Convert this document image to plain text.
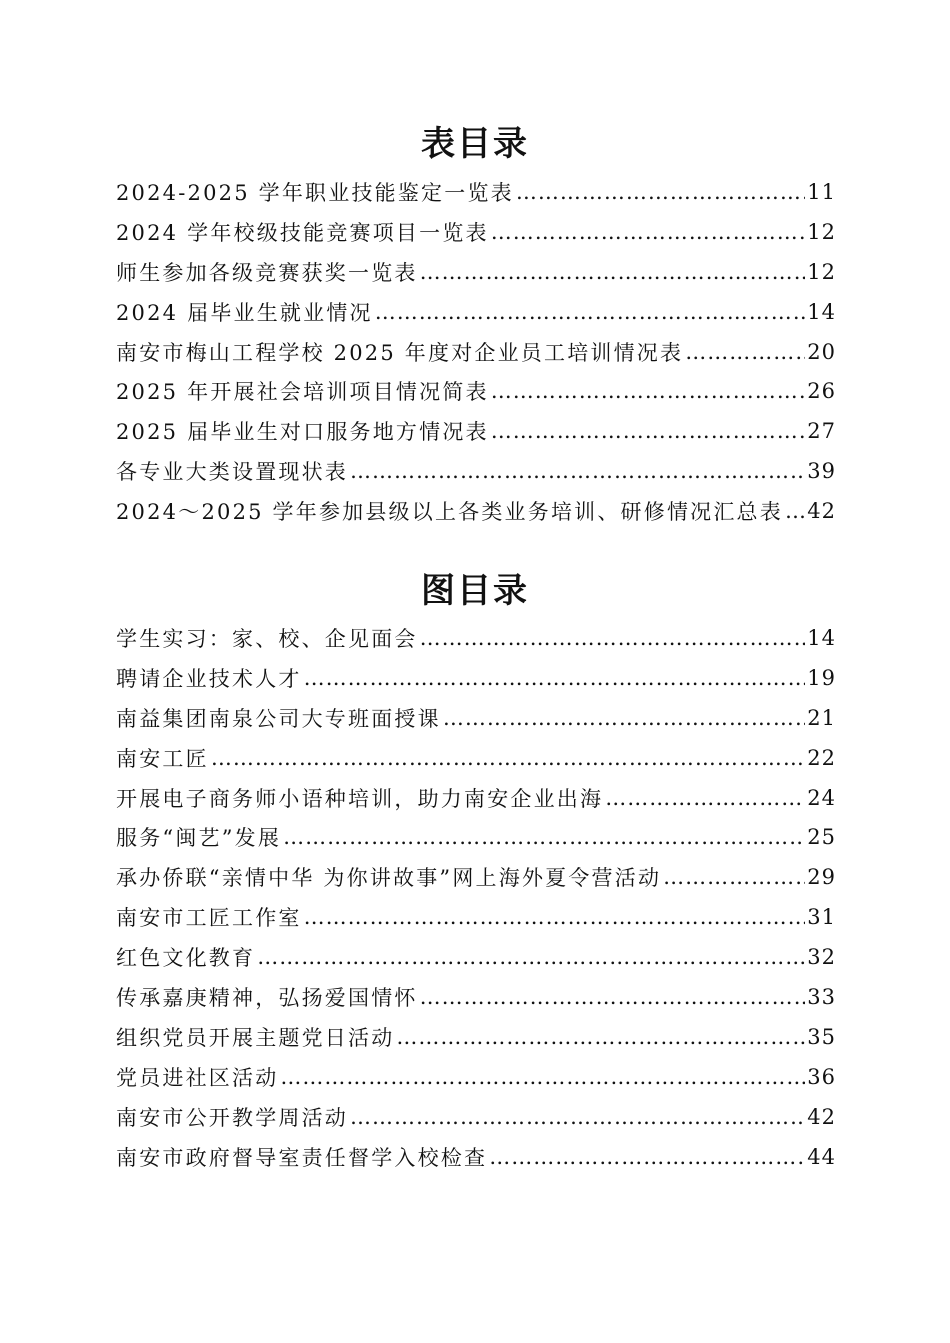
表目录
2024-2025 学年职业技能鉴定一览表 …………………………………………………………………………………………………………………………………………………………………………………………	11
2024 学年校级技能竞赛项目一览表 …………………………………………………………………………………………………………………………………………………………………………………………	12
师生参加各级竞赛获奖一览表 …………………………………………………………………………………………………………………………………………………………………………………………	12
2024 届毕业生就业情况 …………………………………………………………………………………………………………………………………………………………………………………………	14
南安市梅山工程学校 2025 年度对企业员工培训情况表 …………………………………………………………………………………………………………………………………………………………………………………………	20
2025 年开展社会培训项目情况简表 …………………………………………………………………………………………………………………………………………………………………………………………	26
2025 届毕业生对口服务地方情况表 …………………………………………………………………………………………………………………………………………………………………………………………	27
各专业大类设置现状表 …………………………………………………………………………………………………………………………………………………………………………………………	39
2024～2025 学年参加县级以上各类业务培训、研修情况汇总表 ………………………………………………………………………………………………………………………………………………………………………………………… 42
图目录
学生实习：家、校、企见面会 …………………………………………………………………………………………………………………………………………………………………………………………	14
聘请企业技术人才 …………………………………………………………………………………………………………………………………………………………………………………………	19
南益集团南泉公司大专班面授课 …………………………………………………………………………………………………………………………………………………………………………………………	21
南安工匠 …………………………………………………………………………………………………………………………………………………………………………………………	22
开展电子商务师小语种培训，助力南安企业出海 …………………………………………………………………………………………………………………………………………………………………………………………	24
服务“闽艺”发展 …………………………………………………………………………………………………………………………………………………………………………………………	25
承办侨联“亲情中华 为你讲故事”网上海外夏令营活动 …………………………………………………………………………………………………………………………………………………………………………………………	29
南安市工匠工作室 …………………………………………………………………………………………………………………………………………………………………………………………	31
红色文化教育 …………………………………………………………………………………………………………………………………………………………………………………………	32
传承嘉庚精神，弘扬爱国情怀 …………………………………………………………………………………………………………………………………………………………………………………………	33
组织党员开展主题党日活动 …………………………………………………………………………………………………………………………………………………………………………………………	35
党员进社区活动 …………………………………………………………………………………………………………………………………………………………………………………………	36
南安市公开教学周活动 …………………………………………………………………………………………………………………………………………………………………………………………	42
南安市政府督导室责任督学入校检查 …………………………………………………………………………………………………………………………………………………………………………………………	44
